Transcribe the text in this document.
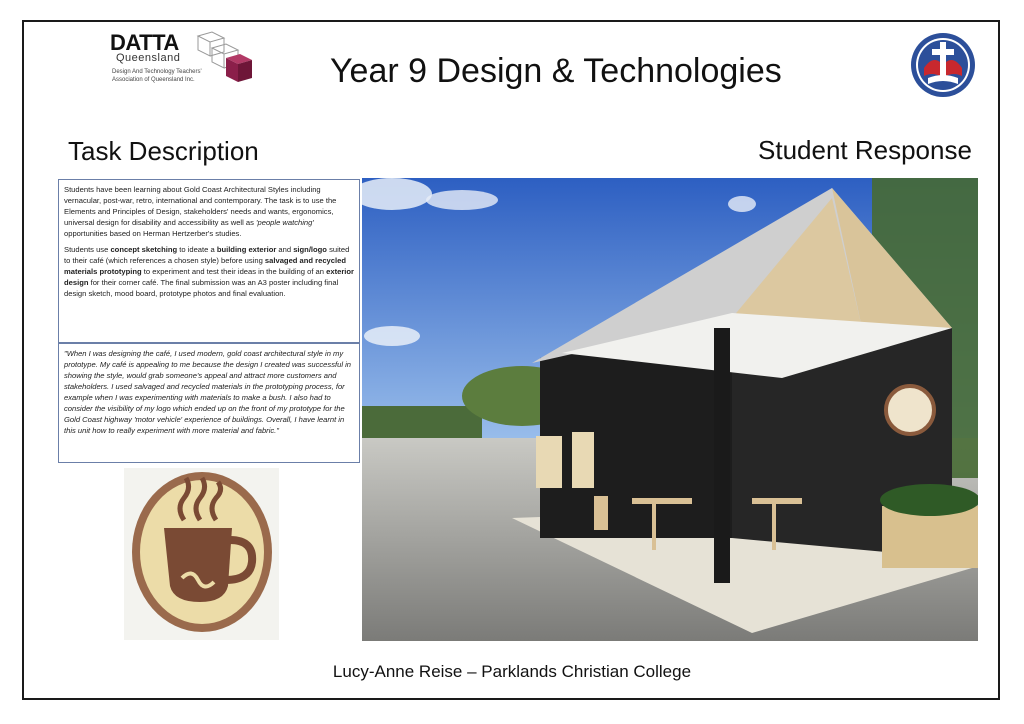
DATTA
Queensland
Design And Technology Teachers' Association of Queensland Inc.	Year 9 Design & Technologies
Task Description	Student Response

Students have been learning about Gold Coast Architectural Styles including vernacular, post-war, retro, international and contemporary. The task is to use the Elements and Principles of Design, stakeholders' needs and wants, ergonomics, universal design for disability and accessibility as well as 'people watching' opportunities based on Herman Hertzerber's studies.

Students use concept sketching to ideate a building exterior and sign/logo suited to their café (which references a chosen style) before using salvaged and recycled materials prototyping to experiment and test their ideas in the building of an exterior design for their corner café. The final submission was an A3 poster including final design sketch, mood board, prototype photos and final evaluation.

"When I was designing the café, I used modern, gold coast architectural style in my prototype. My café is appealing to me because the design I created was successful in showing the style, would grab someone's appeal and attract more customers and stakeholders. I used salvaged and recycled materials in the prototyping process, for example when I was experimenting with materials to make a bush. I also had to consider the visibility of my logo which ended up on the front of my prototype for the Gold Coast highway 'motor vehicle' experience of buildings. Overall, I have learnt in this unit how to really experiment with more material and fabric."
Lucy-Anne Reise – Parklands Christian College
